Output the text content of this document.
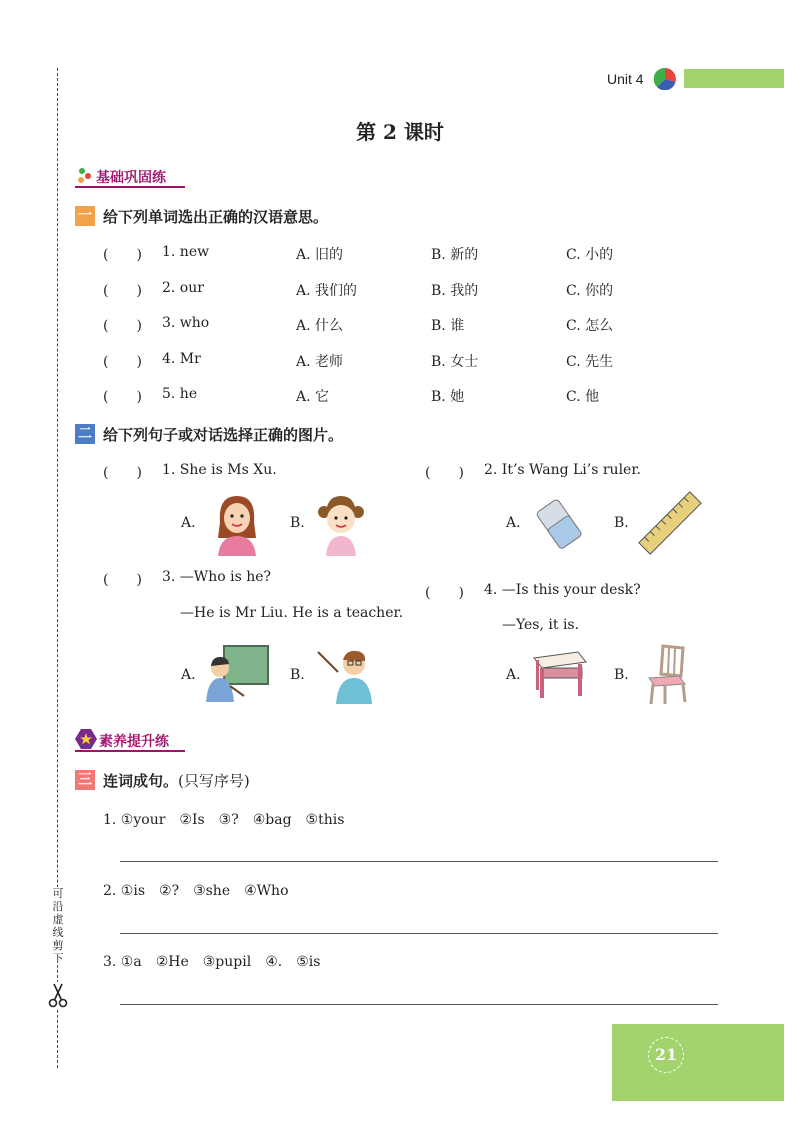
可沿虚线剪下
Unit 4
第 2 课时
基础巩固练
一 给下列单词选出正确的汉语意思。
(　　) 1. new	A. 旧的	B. 新的	C. 小的
(　　) 2. our	A. 我们的	B. 我的	C. 你的
(　　) 3. who	A. 什么	B. 谁	C. 怎么
(　　) 4. Mr	A. 老师	B. 女士	C. 先生
(　　) 5. he	A. 它	B. 她	C. 他
二 给下列句子或对话选择正确的图片。
(　　) 1. She is Ms Xu.	(　　) 2. It’s Wang Li’s ruler.
A.	B.	A.	B.
(　　) 3. —Who is he?
—He is Mr Liu. He is a teacher.
(　　) 4. —Is this your desk?
—Yes, it is.
A.	B.	A.	B.
素养提升练
三 连词成句。(只写序号)
1. ①your　②Is　③?　④bag　⑤this
2. ①is　②?　③she　④Who
3. ①a　②He　③pupil　④.　⑤is
21
